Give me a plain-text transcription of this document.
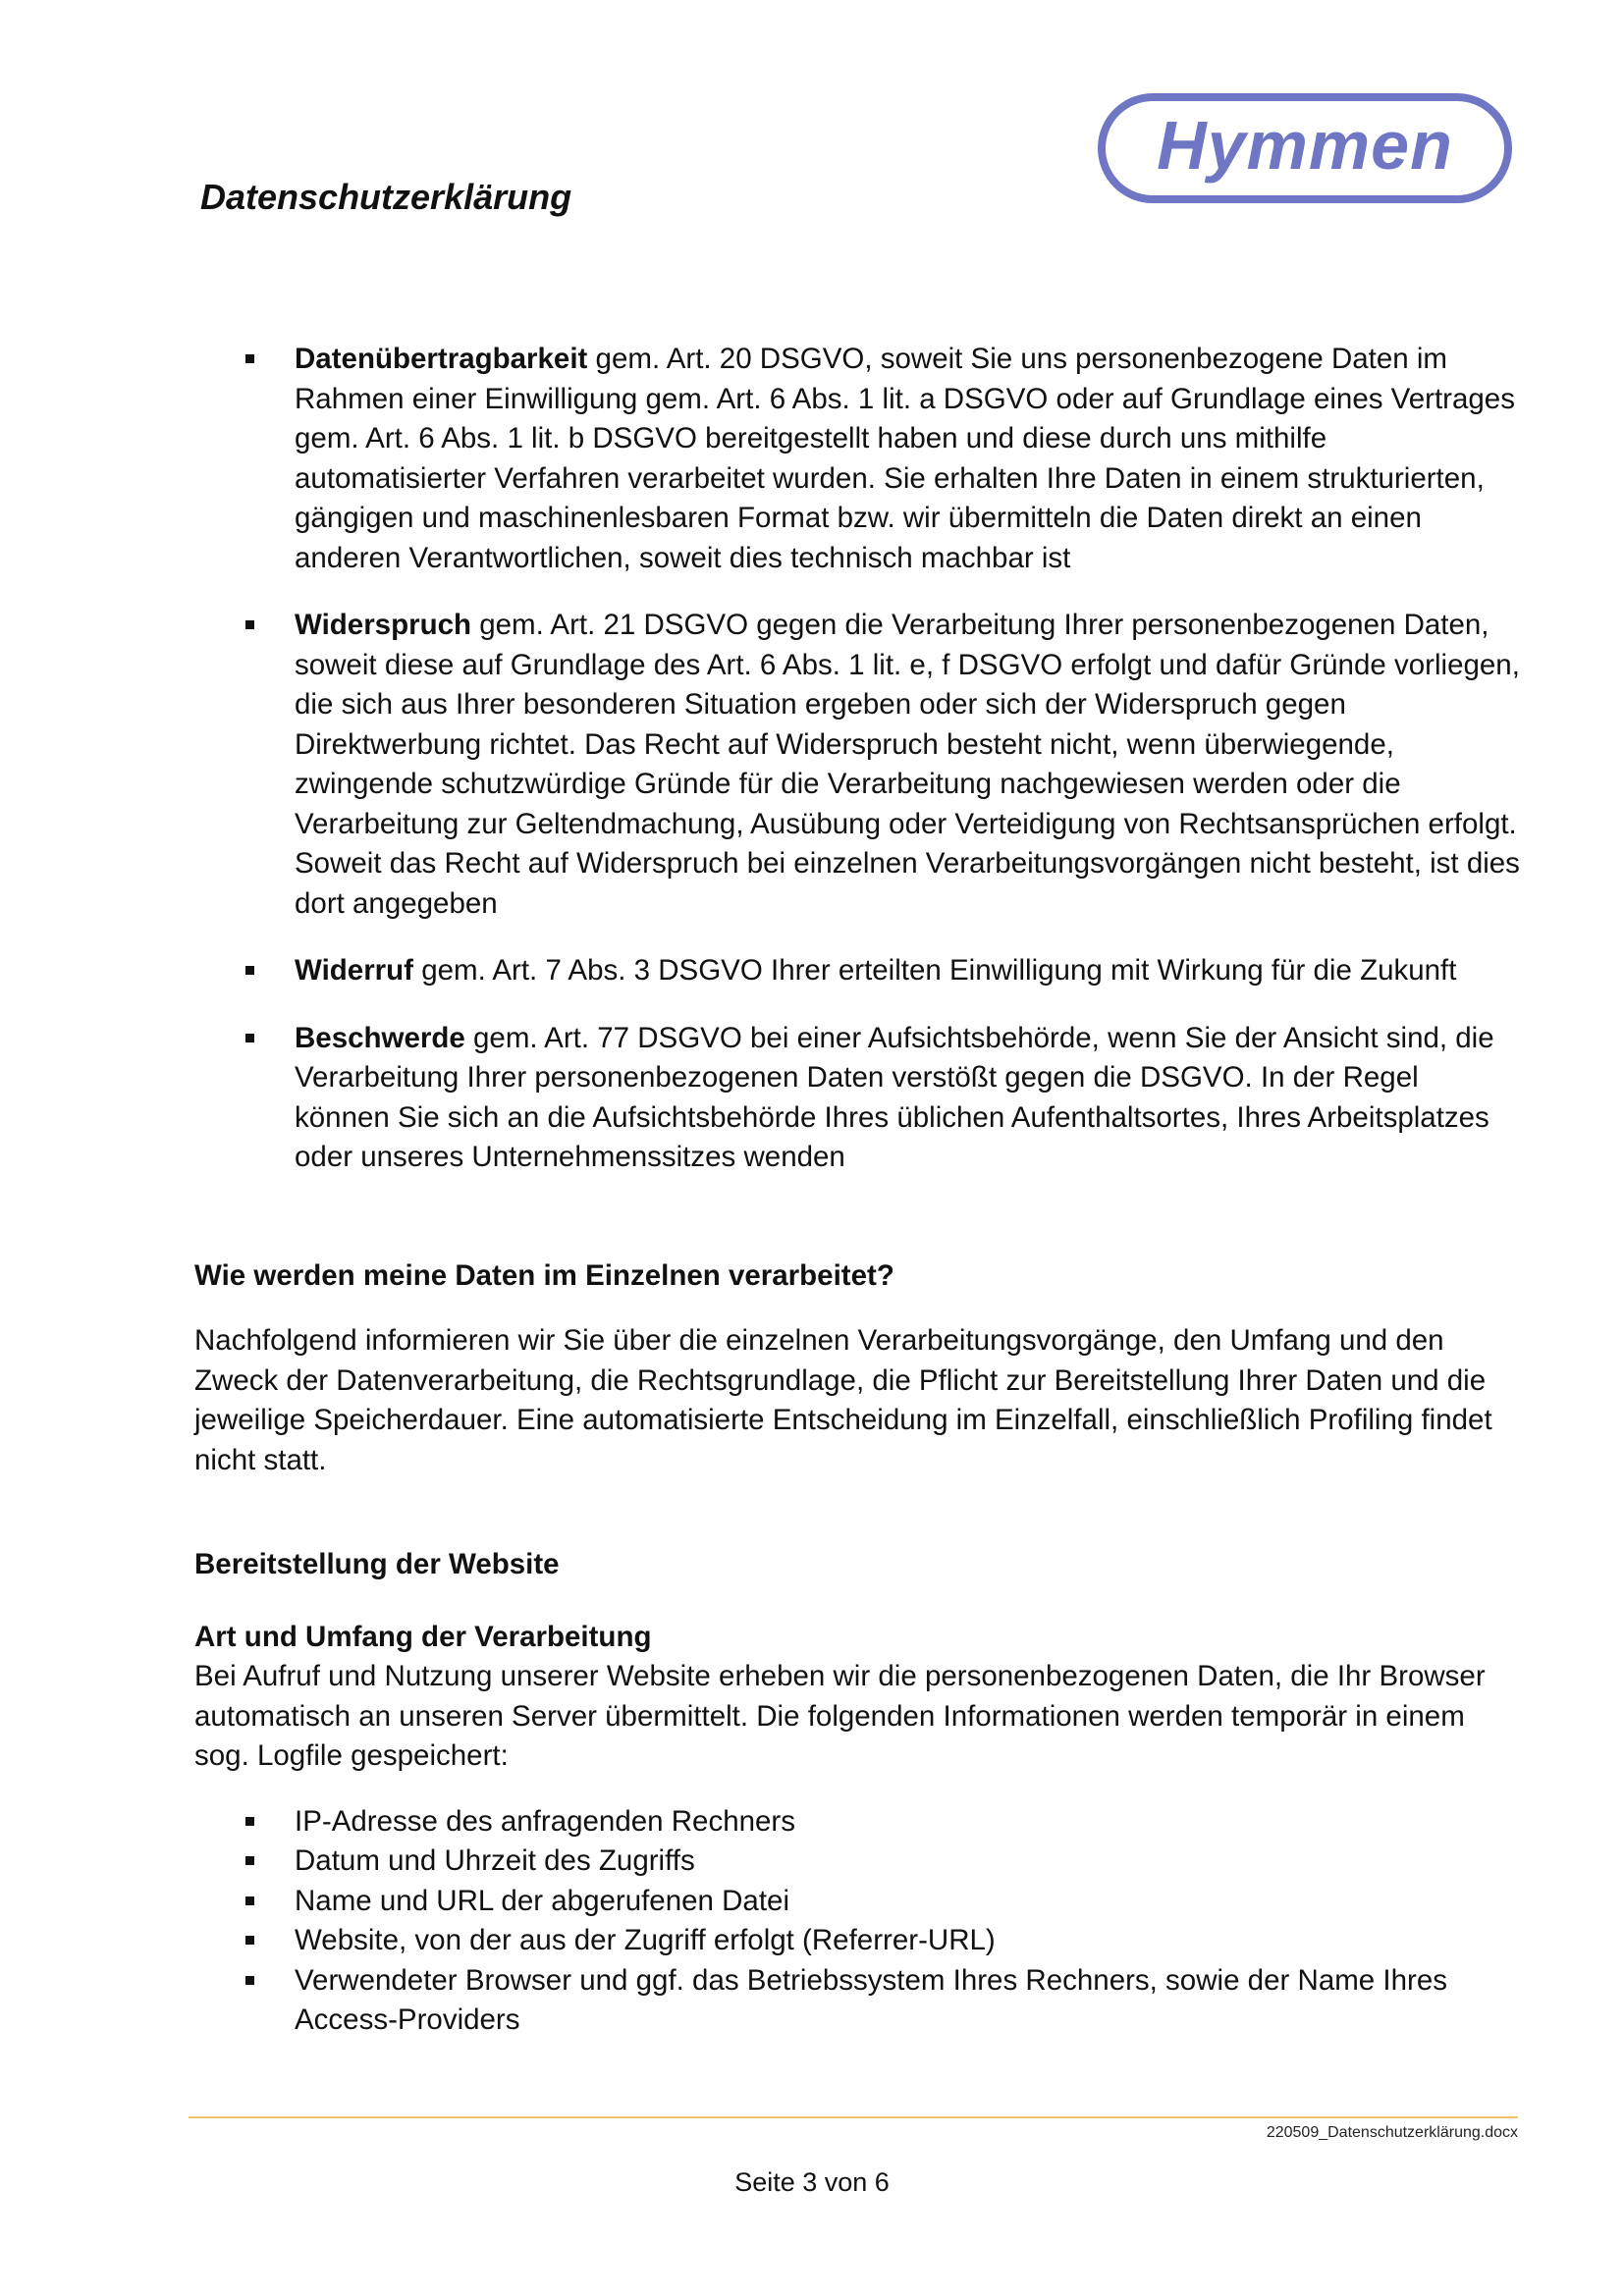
Datenschutzerklärung
Hymmen
Datenübertragbarkeit gem. Art. 20 DSGVO, soweit Sie uns personenbezogene Daten im Rahmen einer Einwilligung gem. Art. 6 Abs. 1 lit. a DSGVO oder auf Grundlage eines Vertrages gem. Art. 6 Abs. 1 lit. b DSGVO bereitgestellt haben und diese durch uns mithilfe automatisierter Verfahren verarbeitet wurden. Sie erhalten Ihre Daten in einem strukturierten, gängigen und maschinenlesbaren Format bzw. wir übermitteln die Daten direkt an einen anderen Verantwortlichen, soweit dies technisch machbar ist
Widerspruch gem. Art. 21 DSGVO gegen die Verarbeitung Ihrer personenbezogenen Daten, soweit diese auf Grundlage des Art. 6 Abs. 1 lit. e, f DSGVO erfolgt und dafür Gründe vorliegen, die sich aus Ihrer besonderen Situation ergeben oder sich der Widerspruch gegen Direktwerbung richtet. Das Recht auf Widerspruch besteht nicht, wenn überwiegende, zwingende schutzwürdige Gründe für die Verarbeitung nachgewiesen werden oder die Verarbeitung zur Geltendmachung, Ausübung oder Verteidigung von Rechtsansprüchen erfolgt. Soweit das Recht auf Widerspruch bei einzelnen Verarbeitungsvorgängen nicht besteht, ist dies dort angegeben
Widerruf gem. Art. 7 Abs. 3 DSGVO Ihrer erteilten Einwilligung mit Wirkung für die Zukunft
Beschwerde gem. Art. 77 DSGVO bei einer Aufsichtsbehörde, wenn Sie der Ansicht sind, die Verarbeitung Ihrer personenbezogenen Daten verstößt gegen die DSGVO. In der Regel können Sie sich an die Aufsichtsbehörde Ihres üblichen Aufenthaltsortes, Ihres Arbeitsplatzes oder unseres Unternehmenssitzes wenden
Wie werden meine Daten im Einzelnen verarbeitet?

Nachfolgend informieren wir Sie über die einzelnen Verarbeitungsvorgänge, den Umfang und den Zweck der Datenverarbeitung, die Rechtsgrundlage, die Pflicht zur Bereitstellung Ihrer Daten und die jeweilige Speicherdauer. Eine automatisierte Entscheidung im Einzelfall, einschließlich Profiling findet nicht statt.

Bereitstellung der Website
Art und Umfang der Verarbeitung

Bei Aufruf und Nutzung unserer Website erheben wir die personenbezogenen Daten, die Ihr Browser automatisch an unseren Server übermittelt. Die folgenden Informationen werden temporär in einem sog. Logfile gespeichert:

IP-Adresse des anfragenden Rechners
Datum und Uhrzeit des Zugriffs
Name und URL der abgerufenen Datei
Website, von der aus der Zugriff erfolgt (Referrer-URL)
Verwendeter Browser und ggf. das Betriebssystem Ihres Rechners, sowie der Name Ihres Access-Providers
220509_Datenschutzerklärung.docx
Seite 3 von 6
